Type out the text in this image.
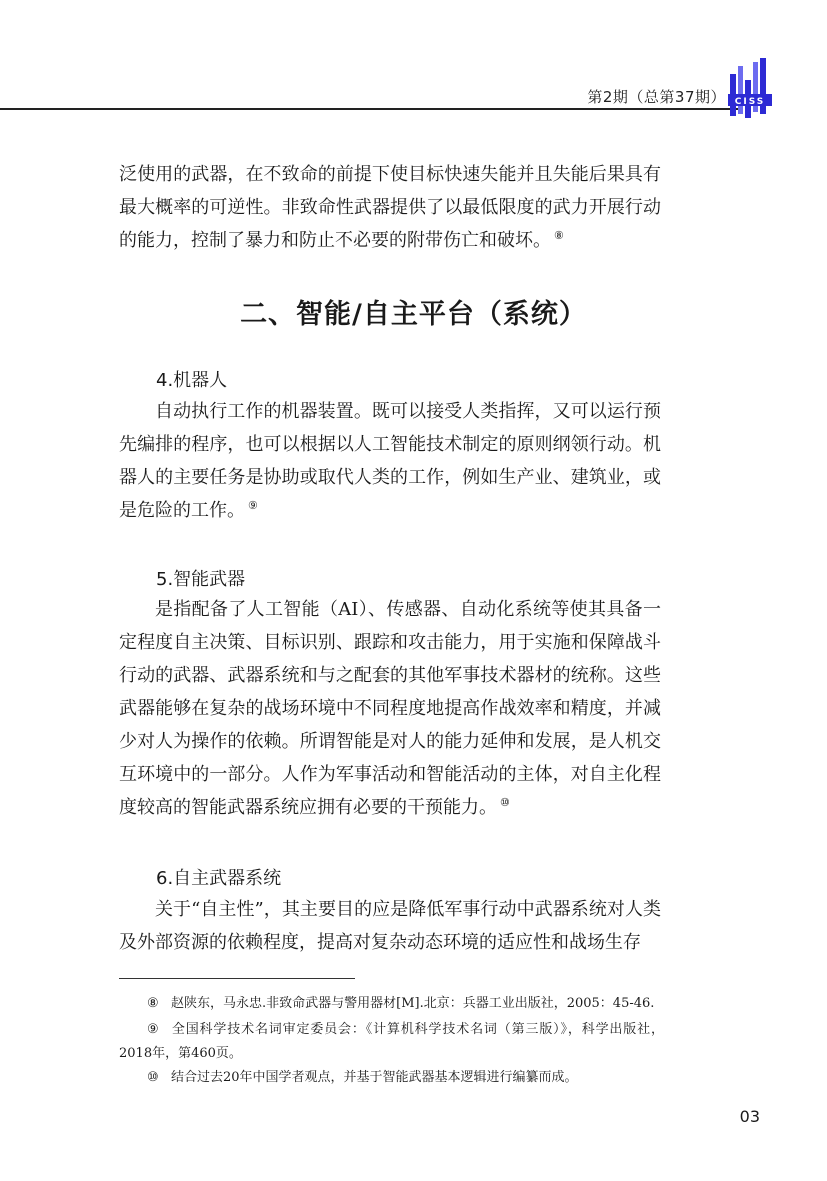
第2期（总第37期） CISS

泛使用的武器，在不致命的前提下使目标快速失能并且失能后果具有最大概率的可逆性。非致命性武器提供了以最低限度的武力开展行动的能力，控制了暴力和防止不必要的附带伤亡和破坏。 ⑧

二、智能/自主平台（系统）
4.机器人

自动执行工作的机器装置。既可以接受人类指挥，又可以运行预先编排的程序，也可以根据以人工智能技术制定的原则纲领行动。机器人的主要任务是协助或取代人类的工作，例如生产业、建筑业，或是危险的工作。 ⑨

5.智能武器

是指配备了人工智能（AI）、传感器、自动化系统等使其具备一定程度自主决策、目标识别、跟踪和攻击能力，用于实施和保障战斗行动的武器、武器系统和与之配套的其他军事技术器材的统称。这些武器能够在复杂的战场环境中不同程度地提高作战效率和精度，并减少对人为操作的依赖。所谓智能是对人的能力延伸和发展，是人机交互环境中的一部分。人作为军事活动和智能活动的主体，对自主化程度较高的智能武器系统应拥有必要的干预能力。 ⑩

6.自主武器系统

关于“自主性”，其主要目的应是降低军事行动中武器系统对人类及外部资源的依赖程度，提高对复杂动态环境的适应性和战场生存

⑧ 赵陕东，马永忠.非致命武器与警用器材[M].北京：兵器工业出版社，2005：45-46.

⑨ 全国科学技术名词审定委员会：《计算机科学技术名词（第三版）》，科学出版社，2018年，第460页。

⑩ 结合过去20年中国学者观点，并基于智能武器基本逻辑进行编纂而成。

03
